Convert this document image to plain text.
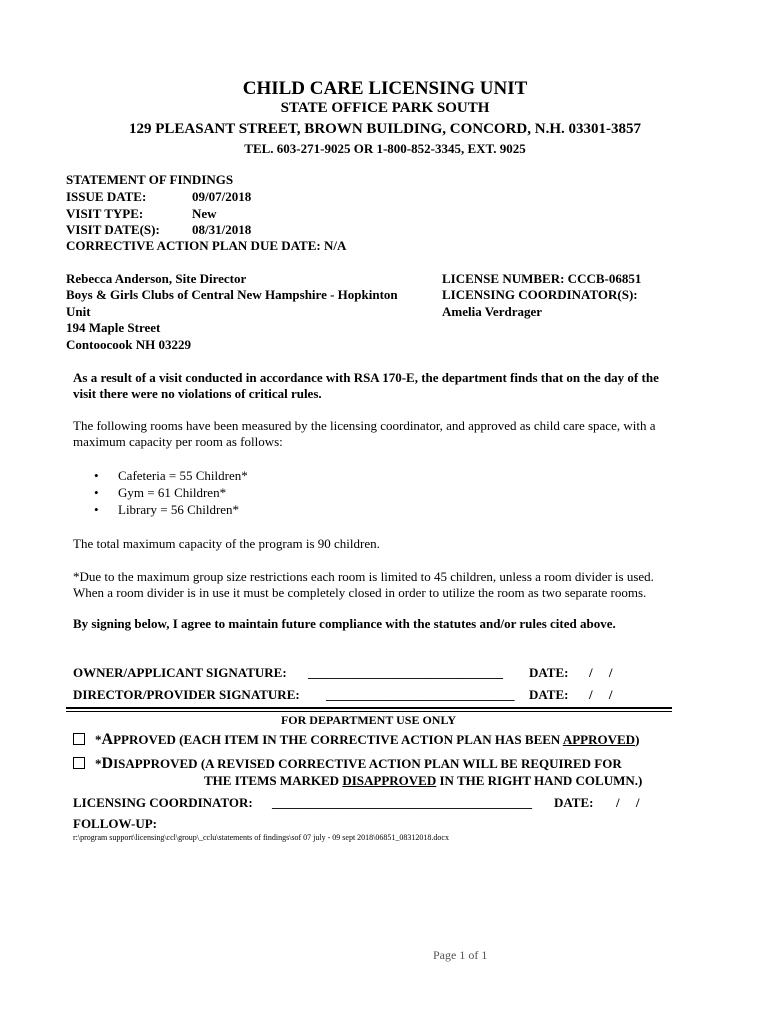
CHILD CARE LICENSING UNIT
STATE OFFICE PARK SOUTH
129 PLEASANT STREET, BROWN BUILDING, CONCORD, N.H. 03301-3857
TEL. 603-271-9025 OR 1-800-852-3345, EXT. 9025
STATEMENT OF FINDINGS
ISSUE DATE:	09/07/2018
VISIT TYPE:	New
VISIT DATE(S): 08/31/2018
CORRECTIVE ACTION PLAN DUE DATE: N/A
Rebecca Anderson, Site Director
Boys & Girls Clubs of Central New Hampshire - Hopkinton
Unit
194 Maple Street
Contoocook NH 03229
LICENSE NUMBER: CCCB-06851
LICENSING COORDINATOR(S):
Amelia Verdrager
As a result of a visit conducted in accordance with RSA 170-E, the department finds that on the day of the
visit there were no violations of critical rules.
The following rooms have been measured by the licensing coordinator, and approved as child care space, with a
maximum capacity per room as follows:
• Cafeteria = 55 Children*
• Gym = 61 Children*
• Library = 56 Children*
The total maximum capacity of the program is 90 children.
*Due to the maximum group size restrictions each room is limited to 45 children, unless a room divider is used.
When a room divider is in use it must be completely closed in order to utilize the room as two separate rooms.
By signing below, I agree to maintain future compliance with the statutes and/or rules cited above.
OWNER/APPLICANT SIGNATURE: ______________________________ DATE: /     /
DIRECTOR/PROVIDER SIGNATURE: _____________________________ DATE: /     /
FOR DEPARTMENT USE ONLY
*APPROVED (EACH ITEM IN THE CORRECTIVE ACTION PLAN HAS BEEN APPROVED)
*DISAPPROVED (A REVISED CORRECTIVE ACTION PLAN WILL BE REQUIRED FOR
THE ITEMS MARKED DISAPPROVED IN THE RIGHT HAND COLUMN.)
LICENSING COORDINATOR: ________________________________________ DATE: /     /
FOLLOW-UP:
r:\program support\licensing\ccl\group\_cclu\statements of findings\sof 07 july - 09 sept 2018\06851_08312018.docx
Page 1 of 1
